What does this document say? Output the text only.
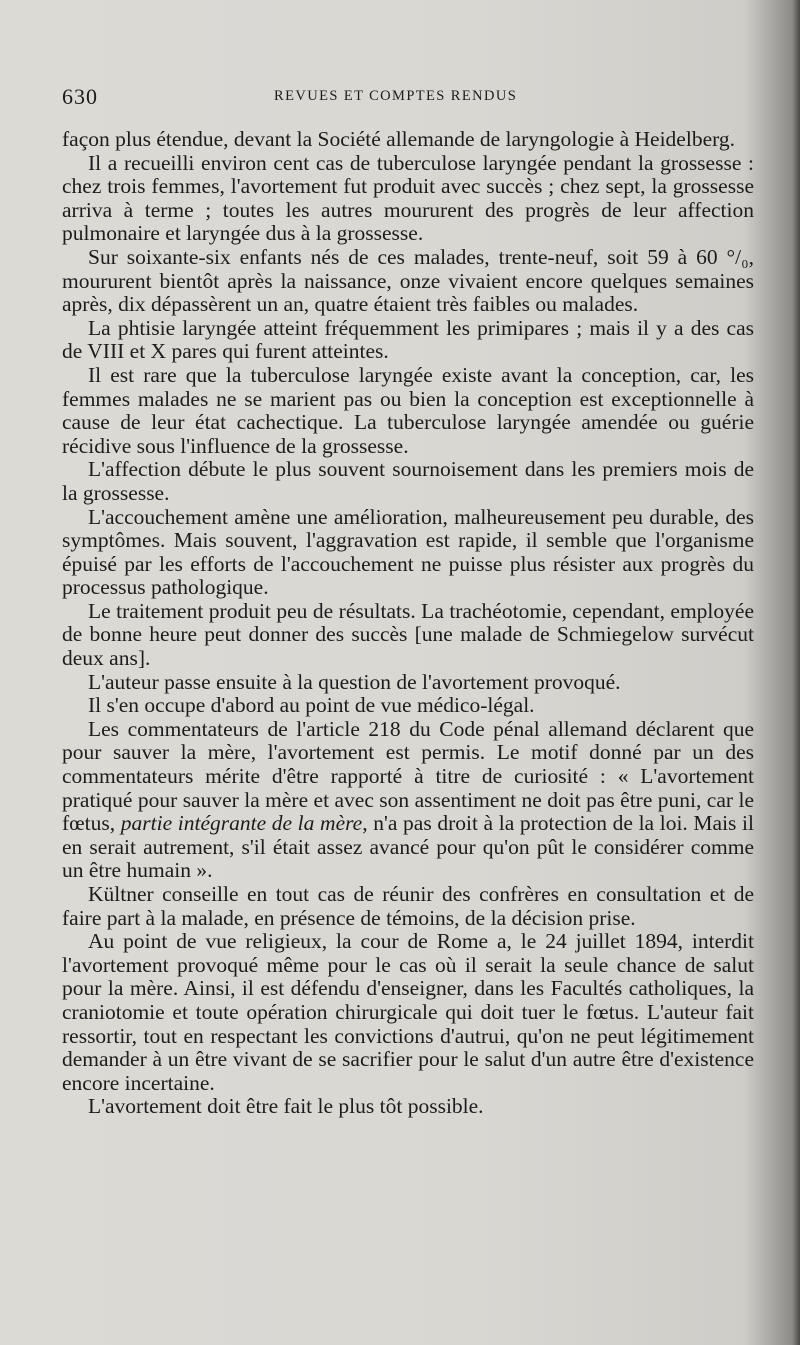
630	REVUES ET COMPTES RENDUS

façon plus étendue, devant la Société allemande de laryngologie à Heidelberg.

Il a recueilli environ cent cas de tuberculose laryngée pendant la grossesse : chez trois femmes, l'avortement fut produit avec succès ; chez sept, la grossesse arriva à terme ; toutes les autres moururent des progrès de leur affection pulmonaire et laryngée dus à la grossesse.

Sur soixante-six enfants nés de ces malades, trente-neuf, soit 59 à 60 °/₀, moururent bientôt après la naissance, onze vivaient encore quelques semaines après, dix dépassèrent un an, quatre étaient très faibles ou malades.

La phtisie laryngée atteint fréquemment les primipares ; mais il y a des cas de VIII et X pares qui furent atteintes.

Il est rare que la tuberculose laryngée existe avant la conception, car, les femmes malades ne se marient pas ou bien la conception est exceptionnelle à cause de leur état cachectique. La tuberculose laryngée amendée ou guérie récidive sous l'influence de la grossesse.

L'affection débute le plus souvent sournoisement dans les premiers mois de la grossesse.

L'accouchement amène une amélioration, malheureusement peu durable, des symptômes. Mais souvent, l'aggravation est rapide, il semble que l'organisme épuisé par les efforts de l'accouchement ne puisse plus résister aux progrès du processus pathologique.

Le traitement produit peu de résultats. La trachéotomie, cependant, employée de bonne heure peut donner des succès [une malade de Schmiegelow survécut deux ans].

L'auteur passe ensuite à la question de l'avortement provoqué.

Il s'en occupe d'abord au point de vue médico-légal.

Les commentateurs de l'article 218 du Code pénal allemand déclarent que pour sauver la mère, l'avortement est permis. Le motif donné par un des commentateurs mérite d'être rapporté à titre de curiosité : « L'avortement pratiqué pour sauver la mère et avec son assentiment ne doit pas être puni, car le fœtus, partie intégrante de la mère, n'a pas droit à la protection de la loi. Mais il en serait autrement, s'il était assez avancé pour qu'on pût le considérer comme un être humain ».

Kültner conseille en tout cas de réunir des confrères en consultation et de faire part à la malade, en présence de témoins, de la décision prise.

Au point de vue religieux, la cour de Rome a, le 24 juillet 1894, interdit l'avortement provoqué même pour le cas où il serait la seule chance de salut pour la mère. Ainsi, il est défendu d'enseigner, dans les Facultés catholiques, la craniotomie et toute opération chirurgicale qui doit tuer le fœtus. L'auteur fait ressortir, tout en respectant les convictions d'autrui, qu'on ne peut légitimement demander à un être vivant de se sacrifier pour le salut d'un autre être d'existence encore incertaine.

L'avortement doit être fait le plus tôt possible.
